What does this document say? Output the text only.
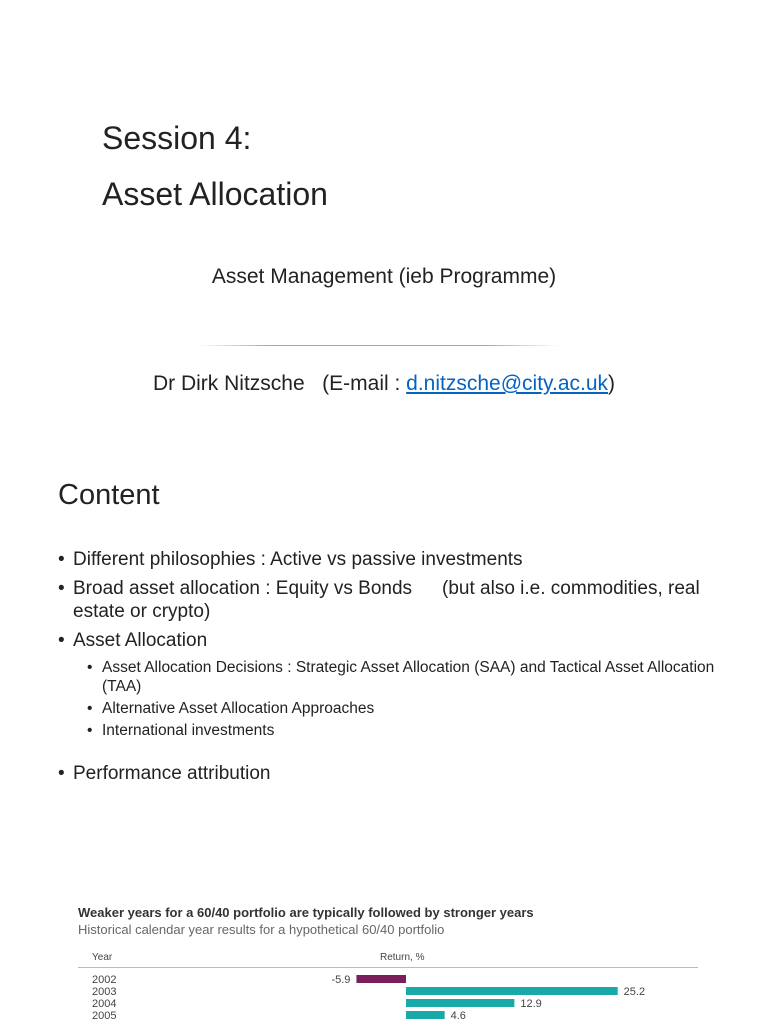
Session 4:
Asset Allocation
Asset Management (ieb Programme)
Dr Dirk Nitzsche   (E-mail : d.nitzsche@city.ac.uk)
Content
• Different philosophies : Active vs passive investments
• Broad asset allocation : Equity vs Bonds (but also i.e. commodities, real estate or crypto)
• Asset Allocation
• Asset Allocation Decisions : Strategic Asset Allocation (SAA) and Tactical Asset Allocation (TAA)
• Alternative Asset Allocation Approaches
• International investments
• Performance attribution
Weaker years for a 60/40 portfolio are typically followed by stronger years
Historical calendar year results for a hypothetical 60/40 portfolio
Year	Return, %
2002	-5.9
2003	25.2
2004	12.9
2005	4.6
